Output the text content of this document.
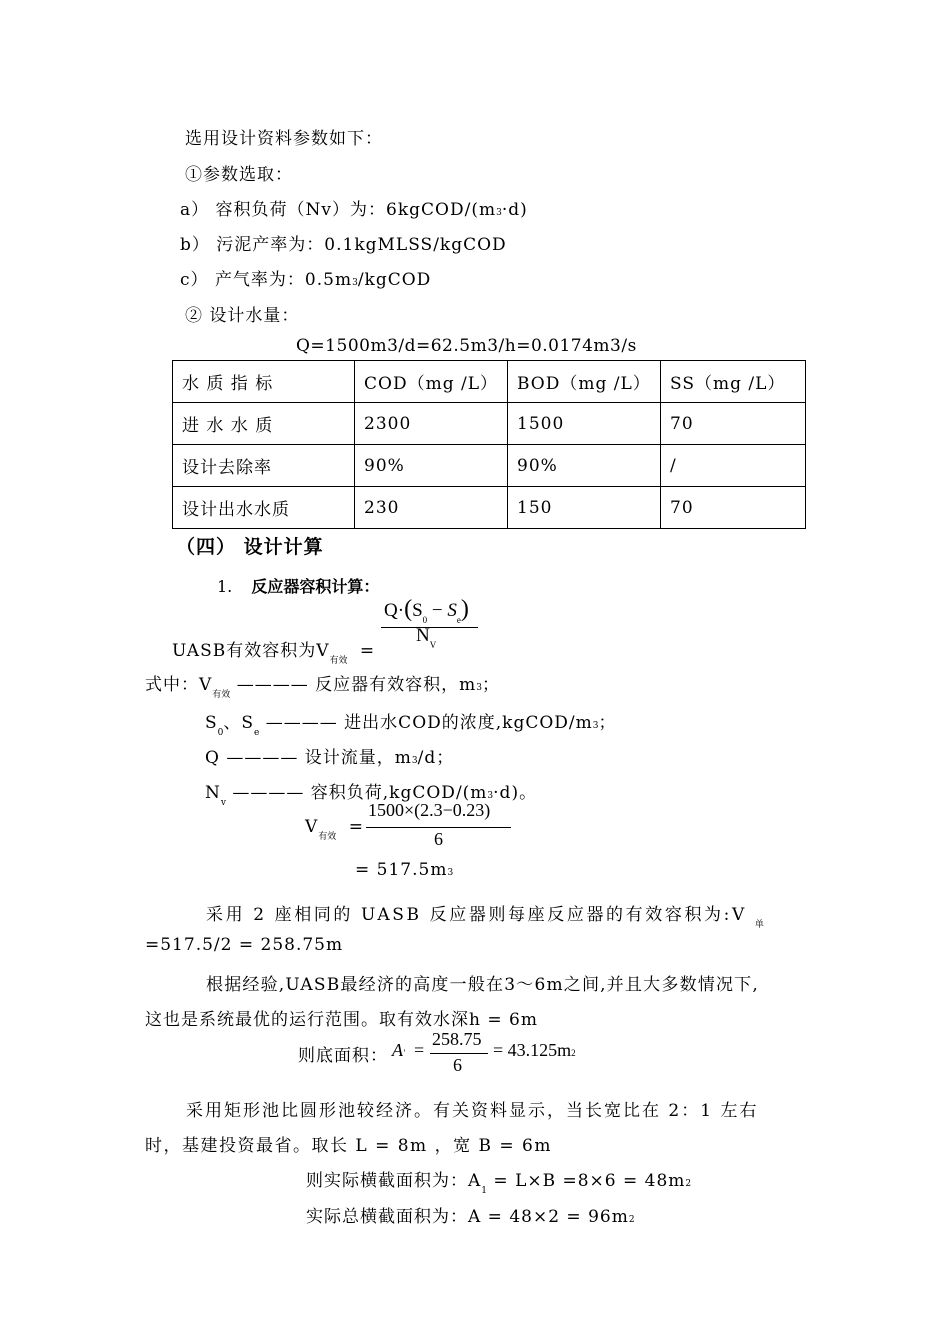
选用设计资料参数如下：
①参数选取：
a） 容积负荷（Nv）为：6kgCOD/(m3·d)
b） 污泥产率为：0.1kgMLSS/kgCOD
c） 产气率为：0.5m3/kgCOD
② 设计水量：
Q=1500m3/d=62.5m3/h=0.0174m3/s
水 质 指 标	COD（mg /L）	BOD（mg /L）	SS（mg /L）
进 水 水 质	2300	1500	70
设计去除率	90%	90%	/
设计出水水质	230	150	70
（四） 设计计算
1. 反应器容积计算：
UASB有效容积为$V_{有效}$ =
$Q\cdot(S_0 - S_e)$
$N_V$
式中：$V_{有效}$ ———— 反应器有效容积，m3；
$S_0$、$S_e$ ———— 进出水COD的浓度,kgCOD/m3；
Q ———— 设计流量，m3/d；
$N_v$ ———— 容积负荷,kgCOD/(m3·d)。
$V_{有效}$ =
1500×(2.3−0.23)
6
= 517.5m3
采用 2 座相同的 UASB 反应器则每座反应器的有效容积为:V $_单$
=517.5/2 = 258.75m
根据经验,UASB最经济的高度一般在3～6m之间,并且大多数情况下,
这也是系统最优的运行范围。取有效水深h = 6m
则底面积： A' =
258.75
6
= 43.125m2
采用矩形池比圆形池较经济。有关资料显示，当长宽比在 2：1 左右
时，基建投资最省。取长 L = 8m ，宽 B = 6m
则实际横截面积为：$A_1 = L\times B =8\times 6 = 48m2$
实际总横截面积为：A = 48×2 = 96m2
